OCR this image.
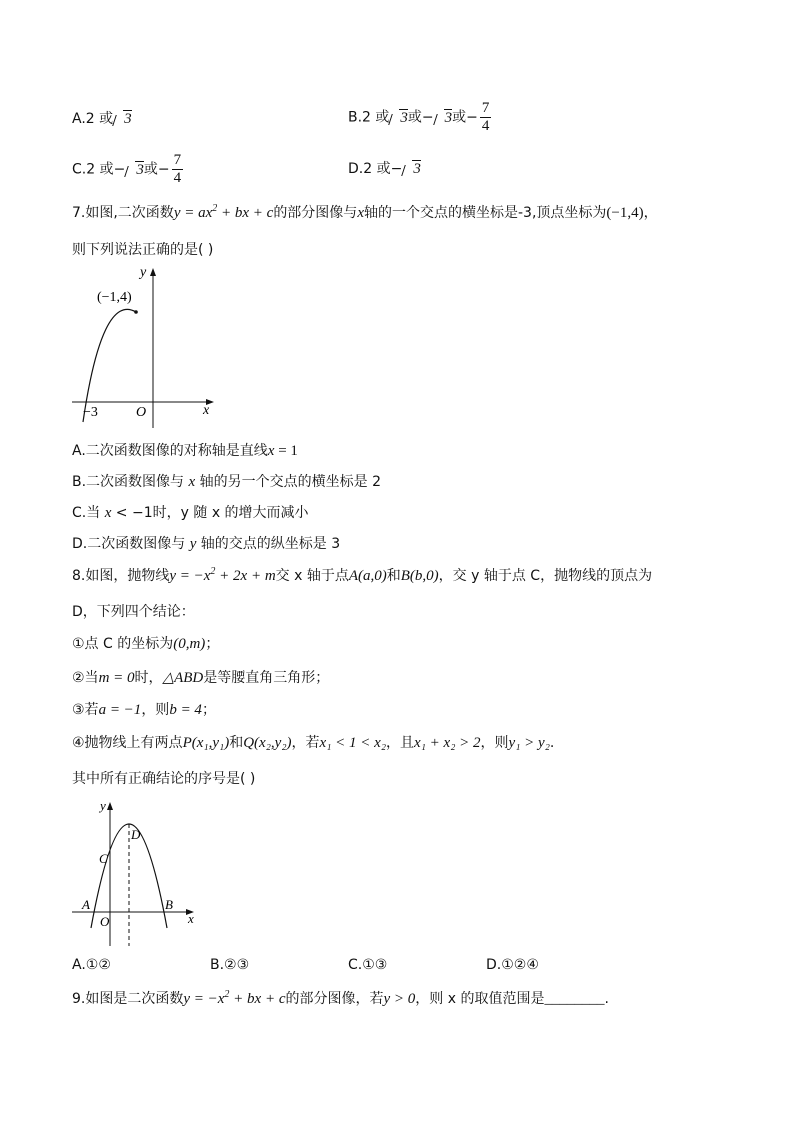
A.2 或 3	B.2 或 3或− 3或− $\frac{7}{4}$
C.2 或− 3或− $\frac{7}{4}$	D.2 或− 3
7.如图,二次函数$y = ax^2$ + bx + c的部分图像与x轴的一个交点的横坐标是-3,顶点坐标为(−1,4)，
则下列说法正确的是( )
y
x
O
−3
(−1,4)
A.二次函数图像的对称轴是直线x = 1
B.二次函数图像与 x 轴的另一个交点的横坐标是 2
C.当 x < −1时，y 随 x 的增大而减小
D.二次函数图像与 y 轴的交点的纵坐标是 3
8.如图，抛物线$y = -x^2 + 2x + m$交 x 轴于点A(a,0)和B(b,0)，交 y 轴于点 C，抛物线的顶点为
D，下列四个结论：
①点 C 的坐标为(0,m)；
②当m = 0时，△ABD是等腰直角三角形；
③若a = −1，则b = 4；
④抛物线上有两点P(x₁,y₁)和Q(x₂,y₂)，若x₁ < 1 < x₂，且x₁ + x₂ > 2，则y₁ > y₂.
其中所有正确结论的序号是( )
y
x
O
A	B
C
D
A.①②	B.②③	C.①③	D.①②④
9.如图是二次函数$y = -x^2$ + bx + c的部分图像，若y > 0，则 x 的取值范围是________.
